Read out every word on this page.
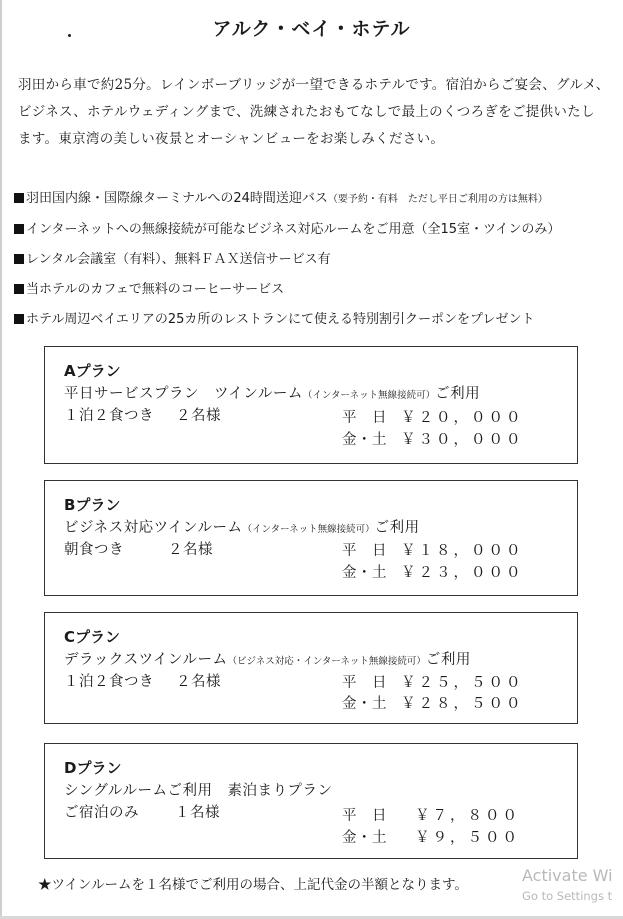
アルク・ベイ・ホテル
羽田から車で約25分。レインボーブリッジが一望できるホテルです。宿泊からご宴会、グルメ、
ビジネス、ホテルウェディングまで、洗練されたおもてなしで最上のくつろぎをご提供いたし
ます。東京湾の美しい夜景とオーシャンビューをお楽しみください。
羽田国内線・国際線ターミナルへの24時間送迎バス（要予約・有料　ただし平日ご利用の方は無料）
インターネットへの無線接続が可能なビジネス対応ルームをご用意（全15室・ツインのみ）
レンタル会議室（有料）、無料ＦＡＸ送信サービス有
当ホテルのカフェで無料のコーヒーサービス
ホテル周辺ベイエリアの25カ所のレストランにて使える特別割引クーポンをプレゼント
Aプラン
平日サービスプラン　ツインルーム（インターネット無線接続可）ご利用
１泊２食つき ２名様	平　日 ￥２０，０００
金・土 ￥３０，０００
Bプラン
ビジネス対応ツインルーム（インターネット無線接続可）ご利用
朝食つき	２名様	平　日 ￥１８，０００
金・土 ￥２３，０００
Cプラン
デラックスツインルーム（ビジネス対応・インターネット無線接続可）ご利用
１泊２食つき ２名様	平　日 ￥２５，５００
金・土 ￥２８，５００
Dプラン
シングルルームご利用　素泊まりプラン
ご宿泊のみ １名様	平　日 ￥７，８００
金・土 ￥９，５００
★ツインルームを１名様でご利用の場合、上記代金の半額となります。	Activate Wi
Go to Settings t
